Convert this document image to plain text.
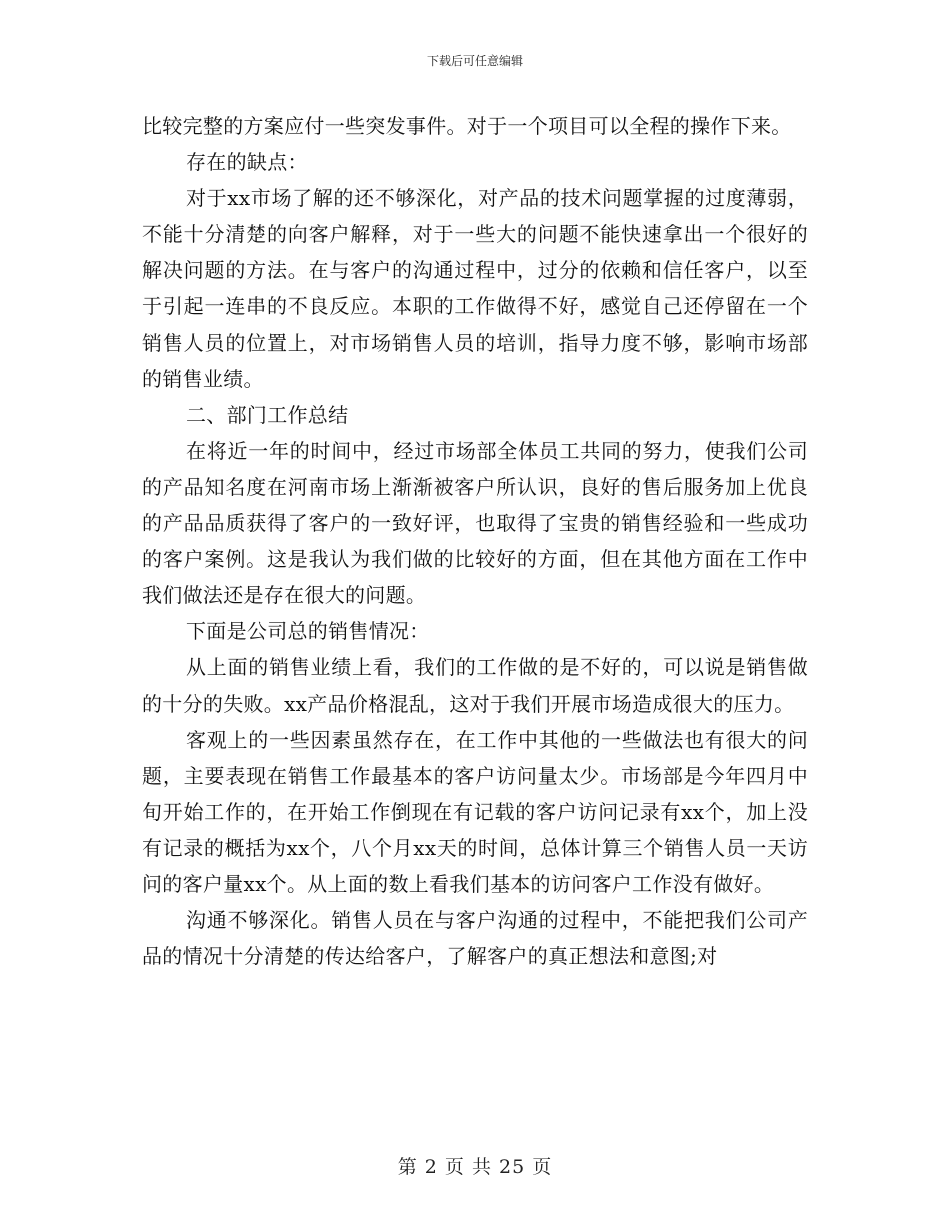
下载后可任意编辑

比较完整的方案应付一些突发事件。对于一个项目可以全程的操作下来。

存在的缺点：

对于xx市场了解的还不够深化，对产品的技术问题掌握的过度薄弱，不能十分清楚的向客户解释，对于一些大的问题不能快速拿出一个很好的解决问题的方法。在与客户的沟通过程中，过分的依赖和信任客户，以至于引起一连串的不良反应。本职的工作做得不好，感觉自己还停留在一个销售人员的位置上，对市场销售人员的培训，指导力度不够，影响市场部的销售业绩。

二、部门工作总结

在将近一年的时间中，经过市场部全体员工共同的努力，使我们公司的产品知名度在河南市场上渐渐被客户所认识，良好的售后服务加上优良的产品品质获得了客户的一致好评，也取得了宝贵的销售经验和一些成功的客户案例。这是我认为我们做的比较好的方面，但在其他方面在工作中我们做法还是存在很大的问题。

下面是公司总的销售情况：

从上面的销售业绩上看，我们的工作做的是不好的，可以说是销售做的十分的失败。xx产品价格混乱，这对于我们开展市场造成很大的压力。

客观上的一些因素虽然存在，在工作中其他的一些做法也有很大的问题，主要表现在销售工作最基本的客户访问量太少。市场部是今年四月中旬开始工作的，在开始工作倒现在有记载的客户访问记录有xx个，加上没有记录的概括为xx个，八个月xx天的时间，总体计算三个销售人员一天访问的客户量xx个。从上面的数上看我们基本的访问客户工作没有做好。

沟通不够深化。销售人员在与客户沟通的过程中，不能把我们公司产品的情况十分清楚的传达给客户，了解客户的真正想法和意图;对

第 2 页 共 25 页
